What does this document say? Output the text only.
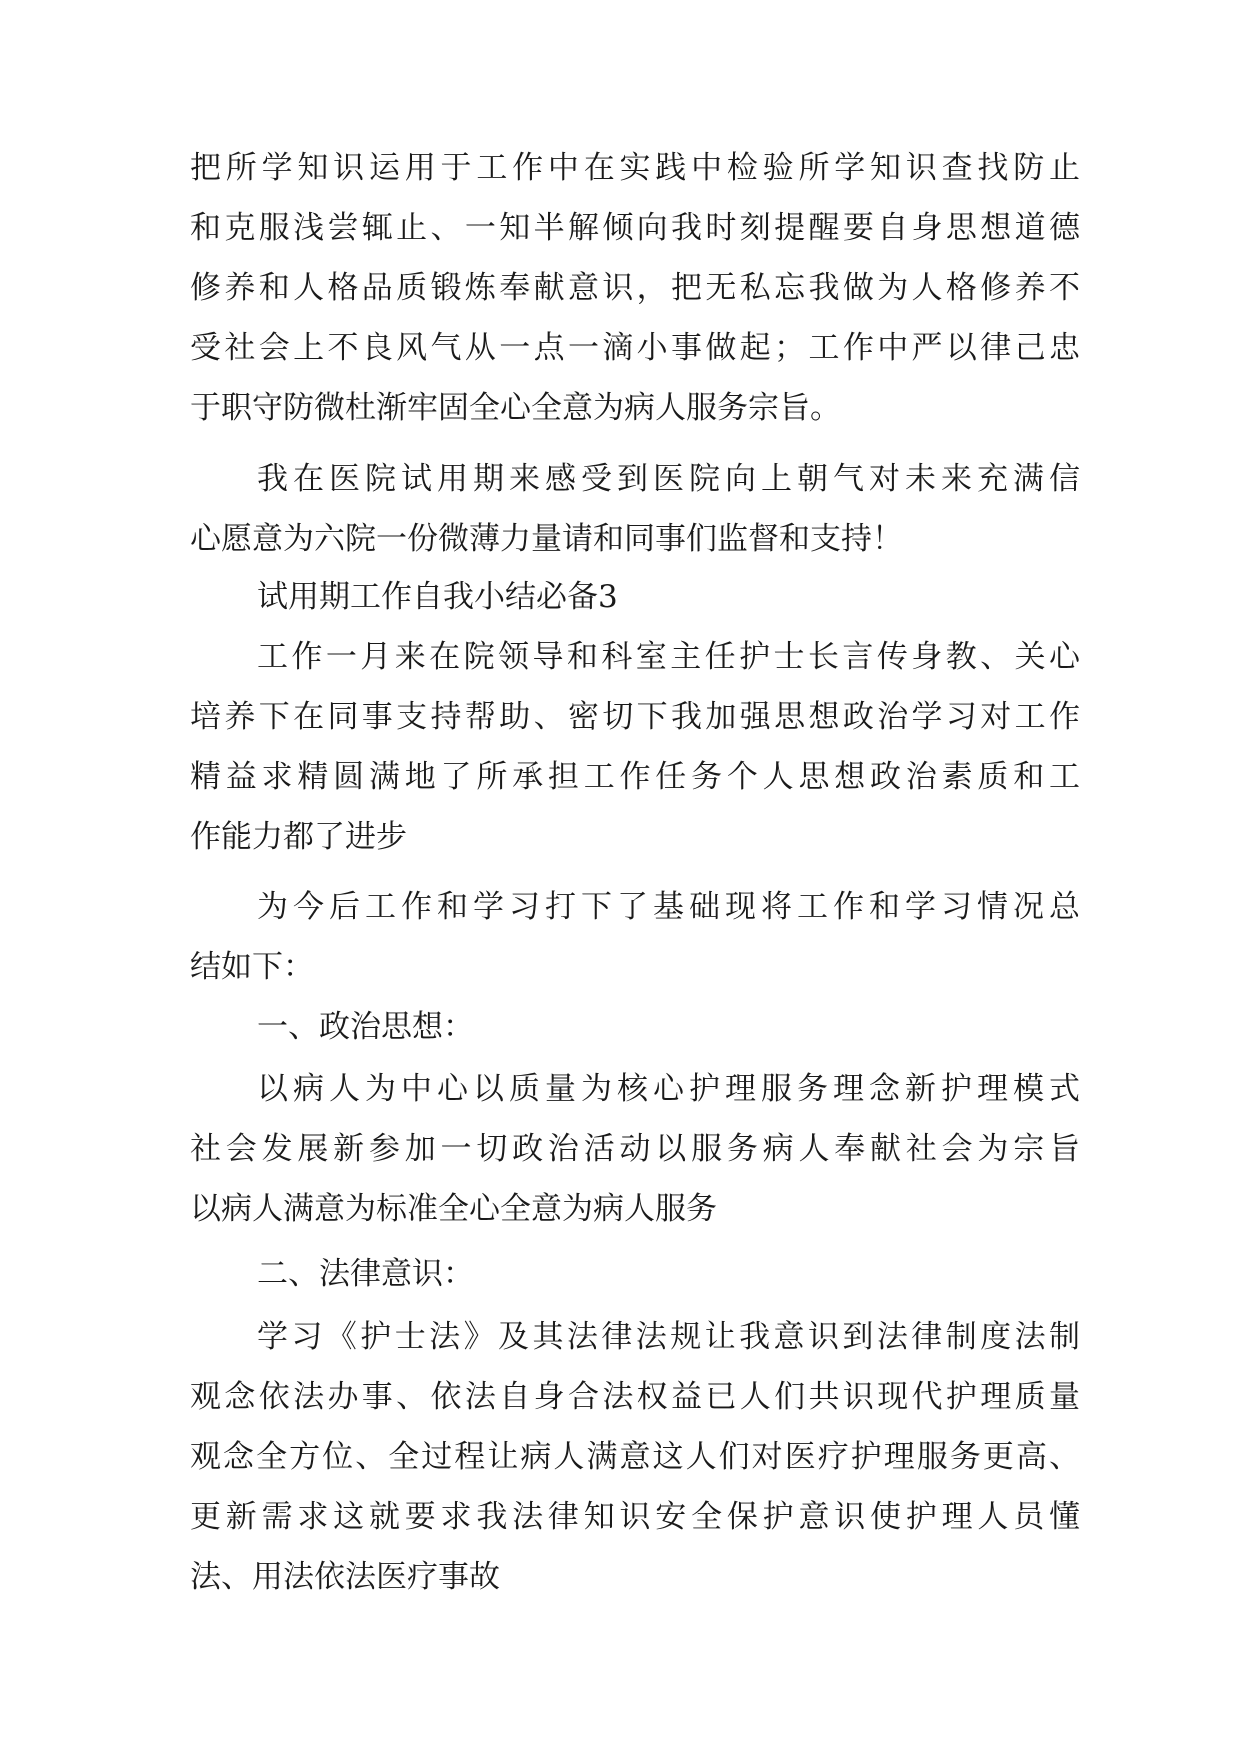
把所学知识运用于工作中在实践中检验所学知识查找防止
和克服浅尝辄止、一知半解倾向我时刻提醒要自身思想道德
修养和人格品质锻炼奉献意识，把无私忘我做为人格修养不
受社会上不良风气从一点一滴小事做起；工作中严以律己忠
于职守防微杜渐牢固全心全意为病人服务宗旨。
我在医院试用期来感受到医院向上朝气对未来充满信
心愿意为六院一份微薄力量请和同事们监督和支持！
试用期工作自我小结必备3
工作一月来在院领导和科室主任护士长言传身教、关心
培养下在同事支持帮助、密切下我加强思想政治学习对工作
精益求精圆满地了所承担工作任务个人思想政治素质和工
作能力都了进步
为今后工作和学习打下了基础现将工作和学习情况总
结如下：
一、政治思想：
以病人为中心以质量为核心护理服务理念新护理模式
社会发展新参加一切政治活动以服务病人奉献社会为宗旨
以病人满意为标准全心全意为病人服务
二、法律意识：
学习《护士法》及其法律法规让我意识到法律制度法制
观念依法办事、依法自身合法权益已人们共识现代护理质量
观念全方位、全过程让病人满意这人们对医疗护理服务更高、
更新需求这就要求我法律知识安全保护意识使护理人员懂
法、用法依法医疗事故
